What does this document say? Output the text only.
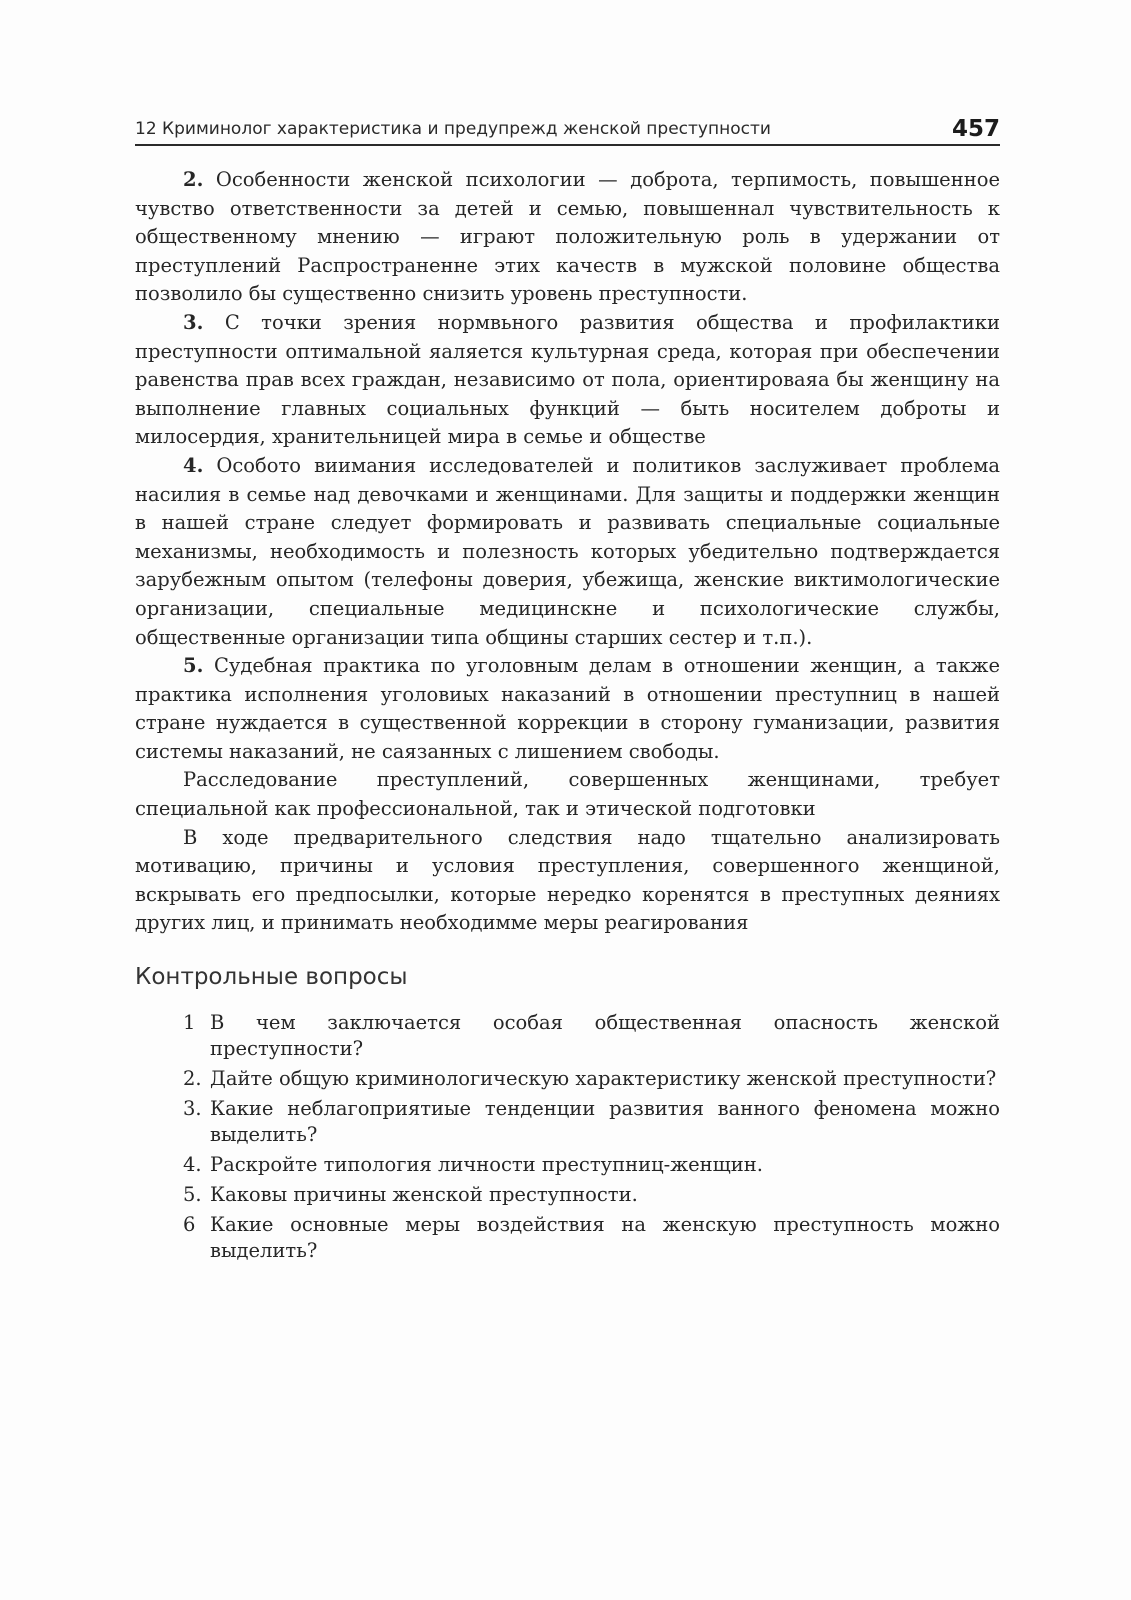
12 Криминолог характеристика и предупрежд женской преступности	457

2. Особенности женской психологии — доброта, терпимость, повышенное чувство ответственности за детей и семью, повышеннал чувствительность к общественному мнению — играют положительную роль в удержании от преступлений Распространенне этих качеств в мужской половине общества позволило бы существенно снизить уровень преступности.

3. С точки зрения нормвьного развития общества и профилактики преступности оптимальной яаляется культурная среда, которая при обеспечении равенства прав всех граждан, независимо от пола, ориентироваяа бы женщину на выполнение главных социальных функций — быть носителем доброты и милосердия, хранительницей мира в семье и обществе

4. Особото виимания исследователей и политиков заслуживает проблема насилия в семье над девочками и женщинами. Для защиты и поддержки женщин в нашей стране следует формировать и развивать специальные социальные механизмы, необходимость и полезность которых убедительно подтверждается зарубежным опытом (телефоны доверия, убежища, женские виктимологические организации, специальные медицинскне и психологические службы, общественные организации типа общины старших сестер и т.п.).

5. Судебная практика по уголовным делам в отношении женщин, а также практика исполнения уголовиых наказаний в отношении преступниц в нашей стране нуждается в существенной коррекции в сторону гуманизации, развития системы наказаний, не саязанных с лишением свободы.

Расследование преступлений, совершенных женщинами, требует специальной как профессиональной, так и этической подготовки

В ходе предварительного следствия надо тщательно анализировать мотивацию, причины и условия преступления, совершенного женщиной, вскрывать его предпосылки, которые нередко коренятся в преступных деяниях других лиц, и принимать необходимме меры реагирования

Контрольные вопросы
1 В чем заключается особая общественная опасность женской преступности?
2. Дайте общую криминологическую характеристику женской преступности?
3. Какие неблагоприятиые тенденции развития ванного феномена можно выделить?
4. Раскройте типология личности преступниц-женщин.
5. Каковы причины женской преступности.
6 Какие основные меры воздействия на женскую преступность можно выделить?
